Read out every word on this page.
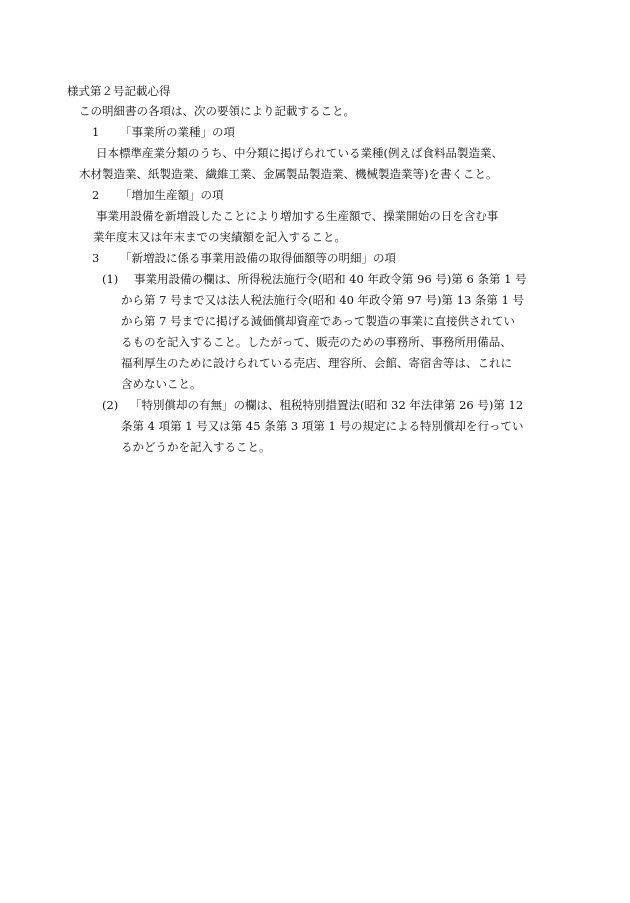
様式第２号記載心得
この明細書の各項は、次の要領により記載すること。
1 「事業所の業種」の項
日本標準産業分類のうち、中分類に掲げられている業種(例えば食料品製造業、
木材製造業、紙製造業、繊維工業、金属製品製造業、機械製造業等)を書くこと。
2 「増加生産額」の項
事業用設備を新増設したことにより増加する生産額で、操業開始の日を含む事
業年度末又は年末までの実績額を記入すること。
3 「新増設に係る事業用設備の取得価額等の明細」の項
(1) 事業用設備の欄は、所得税法施行令(昭和 40 年政令第 96 号)第 6 条第 1 号
から第 7 号まで又は法人税法施行令(昭和 40 年政令第 97 号)第 13 条第 1 号
から第 7 号までに掲げる減価償却資産であって製造の事業に直接供されてい
るものを記入すること。したがって、販売のための事務所、事務所用備品、
福利厚生のために設けられている売店、理容所、会館、寄宿舎等は、これに
含めないこと。
(2) 「特別償却の有無」の欄は、租税特別措置法(昭和 32 年法律第 26 号)第 12
条第 4 項第 1 号又は第 45 条第 3 項第 1 号の規定による特別償却を行ってい
るかどうかを記入すること。
